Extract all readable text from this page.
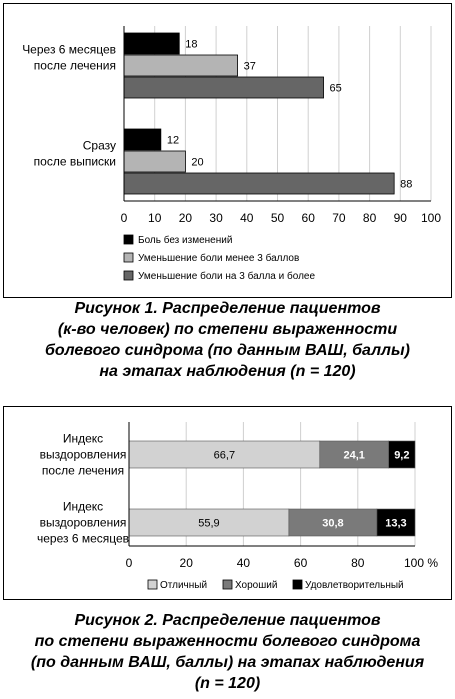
18
37
65
Через 6 месяцев
после лечения
12
20
88
Сразу
после выписки
0 10 20 30 40 50 60 70 80 90 100
Боль без изменений
Уменьшение боли менее 3 баллов
Уменьшение боли на 3 балла и более
Рисунок 1. Распределение пациентов
(к-во человек) по степени выраженности
болевого синдрома (по данным ВАШ, баллы)
на этапах наблюдения (n = 120)
66,7	24,1	9,2
Индекс
выздоровления
после лечения
55,9	30,8	13,3
Индекс
выздоровления
через 6 месяцев
0	20	40	60	80	100 %
Отличный	Хороший	Удовлетворительный
Рисунок 2. Распределение пациентов
по степени выраженности болевого синдрома
(по данным ВАШ, баллы) на этапах наблюдения
(n = 120)
